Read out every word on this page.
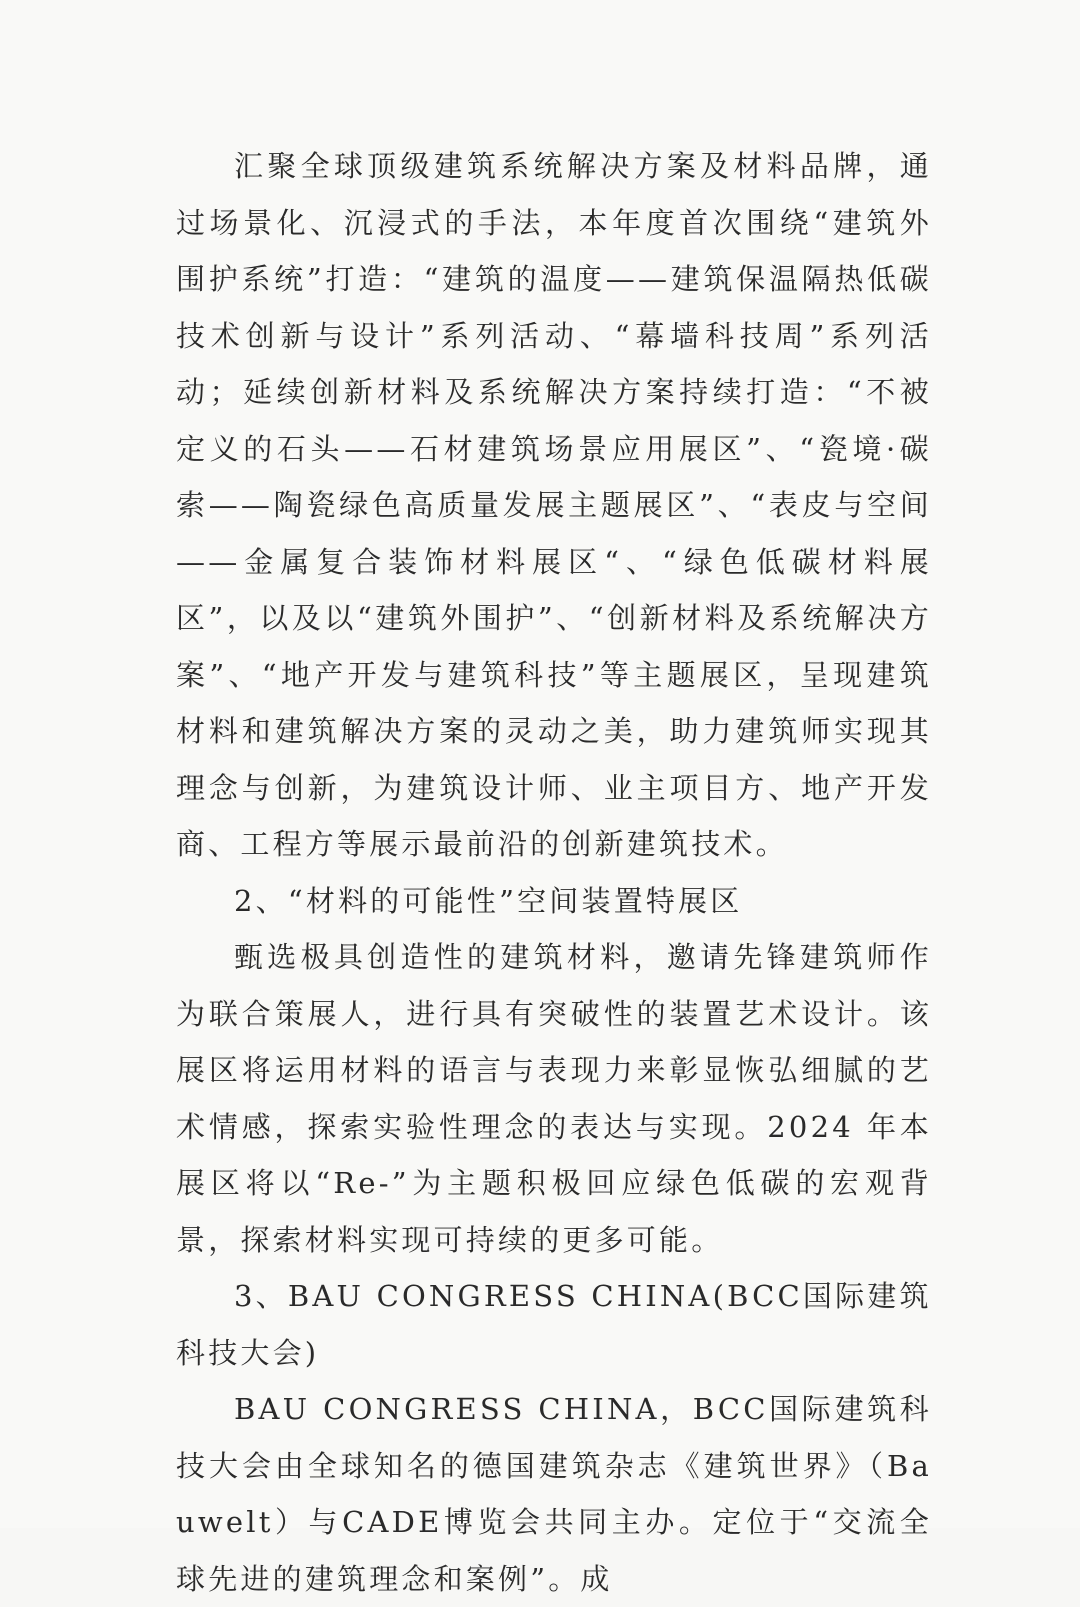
汇聚全球顶级建筑系统解决方案及材料品牌，通过场景化、沉浸式的手法，本年度首次围绕“建筑外围护系统”打造：“建筑的温度——建筑保温隔热低碳技术创新与设计”系列活动、“幕墙科技周”系列活动；延续创新材料及系统解决方案持续打造：“不被定义的石头——石材建筑场景应用展区”、“瓷境·碳索——陶瓷绿色高质量发展主题展区”、“表皮与空间——金属复合装饰材料展区“、“绿色低碳材料展区”，以及以“建筑外围护”、“创新材料及系统解决方案”、“地产开发与建筑科技”等主题展区，呈现建筑材料和建筑解决方案的灵动之美，助力建筑师实现其理念与创新，为建筑设计师、业主项目方、地产开发商、工程方等展示最前沿的创新建筑技术。

2、“材料的可能性”空间装置特展区

甄选极具创造性的建筑材料，邀请先锋建筑师作为联合策展人，进行具有突破性的装置艺术设计。该展区将运用材料的语言与表现力来彰显恢弘细腻的艺术情感，探索实验性理念的表达与实现。2024 年本展区将以“Re-”为主题积极回应绿色低碳的宏观背景，探索材料实现可持续的更多可能。

3、BAU CONGRESS CHINA(BCC国际建筑科技大会)

BAU CONGRESS CHINA，BCC国际建筑科技大会由全球知名的德国建筑杂志《建筑世界》（Bauwelt）与CADE博览会共同主办。定位于“交流全球先进的建筑理念和案例”。成
